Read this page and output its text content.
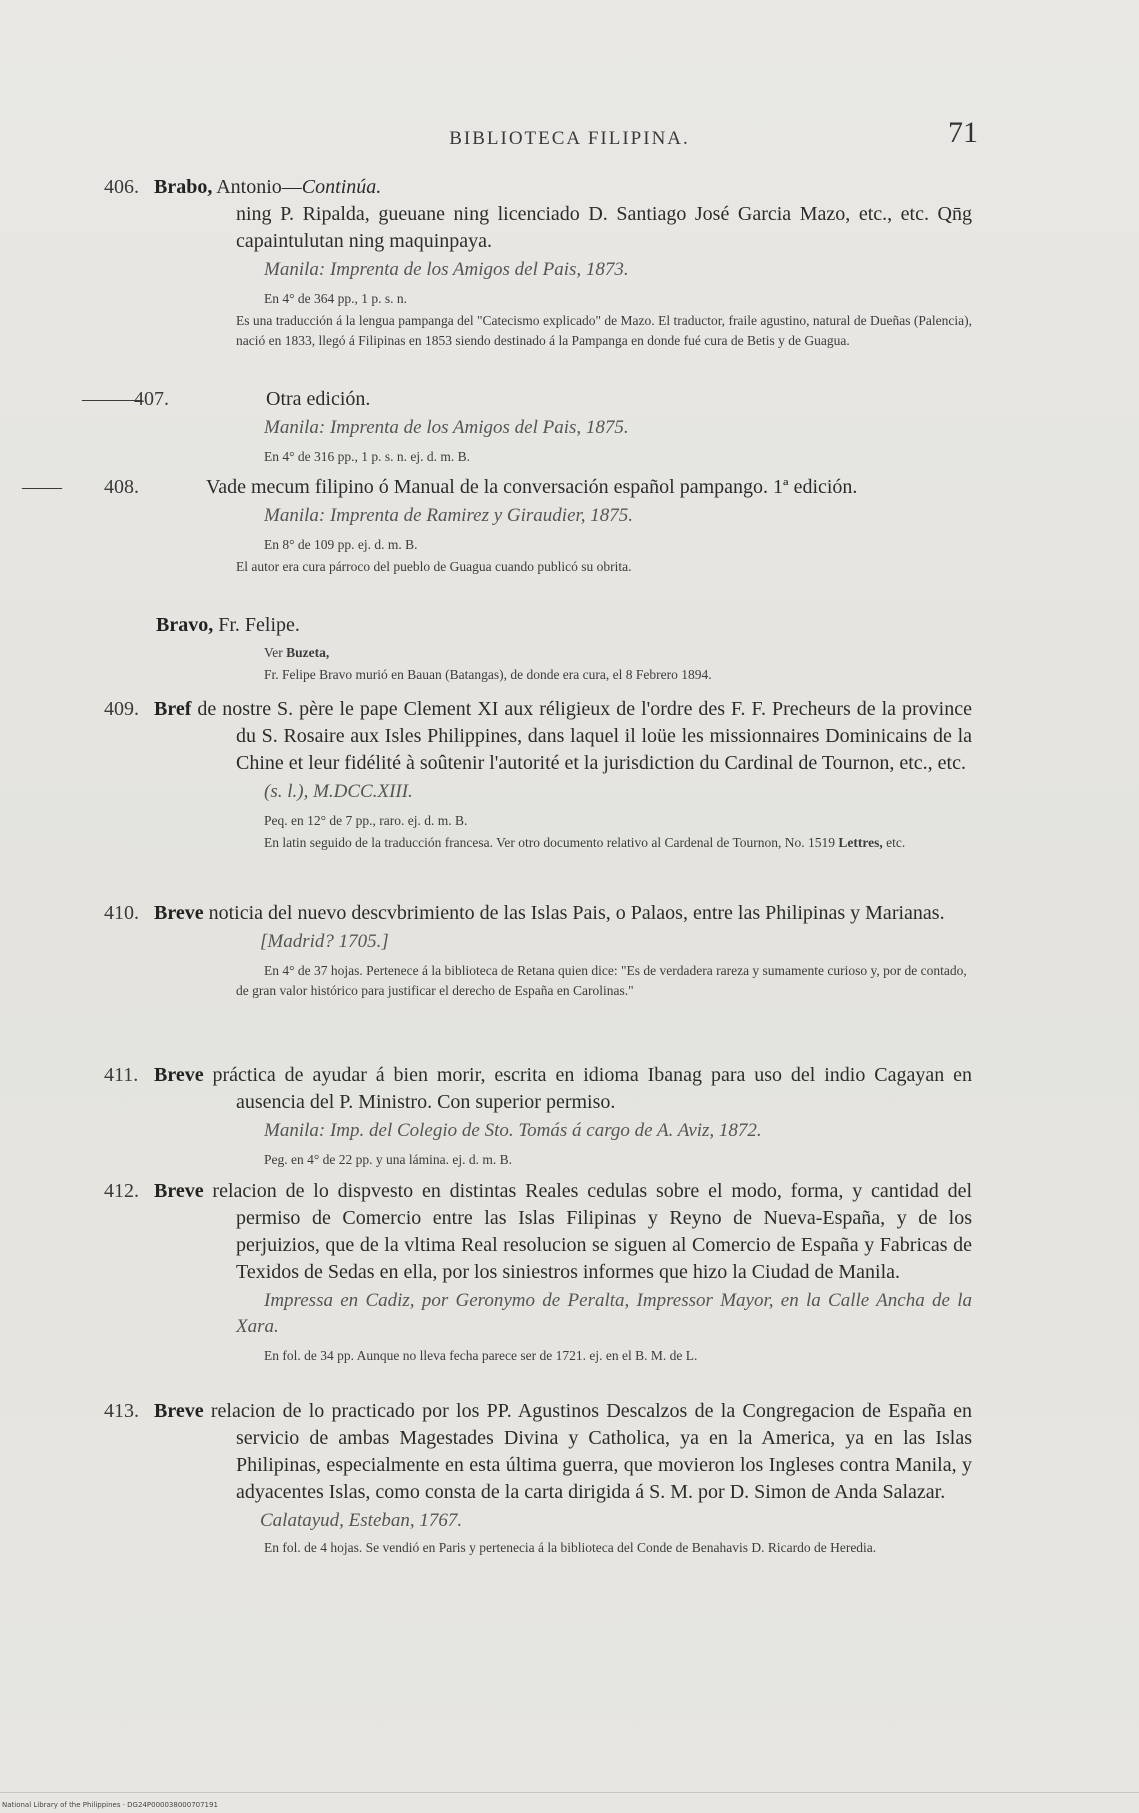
BIBLIOTECA FILIPINA.	71

406. Brabo, Antonio—Continúa.

ning P. Ripalda, gueuane ning licenciado D. Santiago José Garcia Mazo, etc., etc. Qn̄g capaintulutan ning maquinpaya.

Manila: Imprenta de los Amigos del Pais, 1873.

En 4° de 364 pp., 1 p. s. n.

Es una traducción á la lengua pampanga del "Catecismo explicado" de Mazo. El traductor, fraile agustino, natural de Dueñas (Palencia), nació en 1833, llegó á Filipinas en 1853 siendo destinado á la Pampanga en donde fué cura de Betis y de Guagua.

407.———	Otra edición.

Manila: Imprenta de los Amigos del Pais, 1875.

En 4° de 316 pp., 1 p. s. n. ej. d. m. B.

408.——	Vade mecum filipino ó Manual de la conversación español pampango. 1ª edición.

Manila: Imprenta de Ramirez y Giraudier, 1875.

En 8° de 109 pp. ej. d. m. B.

El autor era cura párroco del pueblo de Guagua cuando publicó su obrita.

Bravo, Fr. Felipe.

Ver Buzeta,

Fr. Felipe Bravo murió en Bauan (Batangas), de donde era cura, el 8 Febrero 1894.

409. Bref de nostre S. père le pape Clement XI aux réligieux de l'ordre des F. F. Precheurs de la province du S. Rosaire aux Isles Philippines, dans laquel il loüe les missionnaires Dominicains de la Chine et leur fidélité à soûtenir l'autorité et la jurisdiction du Cardinal de Tournon, etc., etc.

(s. l.), M.DCC.XIII.

Peq. en 12° de 7 pp., raro. ej. d. m. B.

En latin seguido de la traducción francesa. Ver otro documento relativo al Cardenal de Tournon, No. 1519 Lettres, etc.

410. Breve noticia del nuevo descvbrimiento de las Islas Pais, o Palaos, entre las Philipinas y Marianas.

[Madrid? 1705.]

En 4° de 37 hojas. Pertenece á la biblioteca de Retana quien dice: "Es de verdadera rareza y sumamente curioso y, por de contado, de gran valor histórico para justificar el derecho de España en Carolinas."

411. Breve práctica de ayudar á bien morir, escrita en idioma Ibanag para uso del indio Cagayan en ausencia del P. Ministro. Con superior permiso.

Manila: Imp. del Colegio de Sto. Tomás á cargo de A. Aviz, 1872.

Peg. en 4° de 22 pp. y una lámina. ej. d. m. B.

412. Breve relacion de lo dispvesto en distintas Reales cedulas sobre el modo, forma, y cantidad del permiso de Comercio entre las Islas Filipinas y Reyno de Nueva-España, y de los perjuizios, que de la vltima Real resolucion se siguen al Comercio de España y Fabricas de Texidos de Sedas en ella, por los siniestros informes que hizo la Ciudad de Manila.

Impressa en Cadiz, por Geronymo de Peralta, Impressor Mayor, en la Calle Ancha de la Xara.

En fol. de 34 pp. Aunque no lleva fecha parece ser de 1721. ej. en el B. M. de L.

413. Breve relacion de lo practicado por los PP. Agustinos Descalzos de la Congregacion de España en servicio de ambas Magestades Divina y Catholica, ya en la America, ya en las Islas Philipinas, especialmente en esta última guerra, que movieron los Ingleses contra Manila, y adyacentes Islas, como consta de la carta dirigida á S. M. por D. Simon de Anda Salazar.

Calatayud, Esteban, 1767.

En fol. de 4 hojas. Se vendió en Paris y pertenecia á la biblioteca del Conde de Benahavis D. Ricardo de Heredia.

National Library of the Philippines · DG24P000038000707191
